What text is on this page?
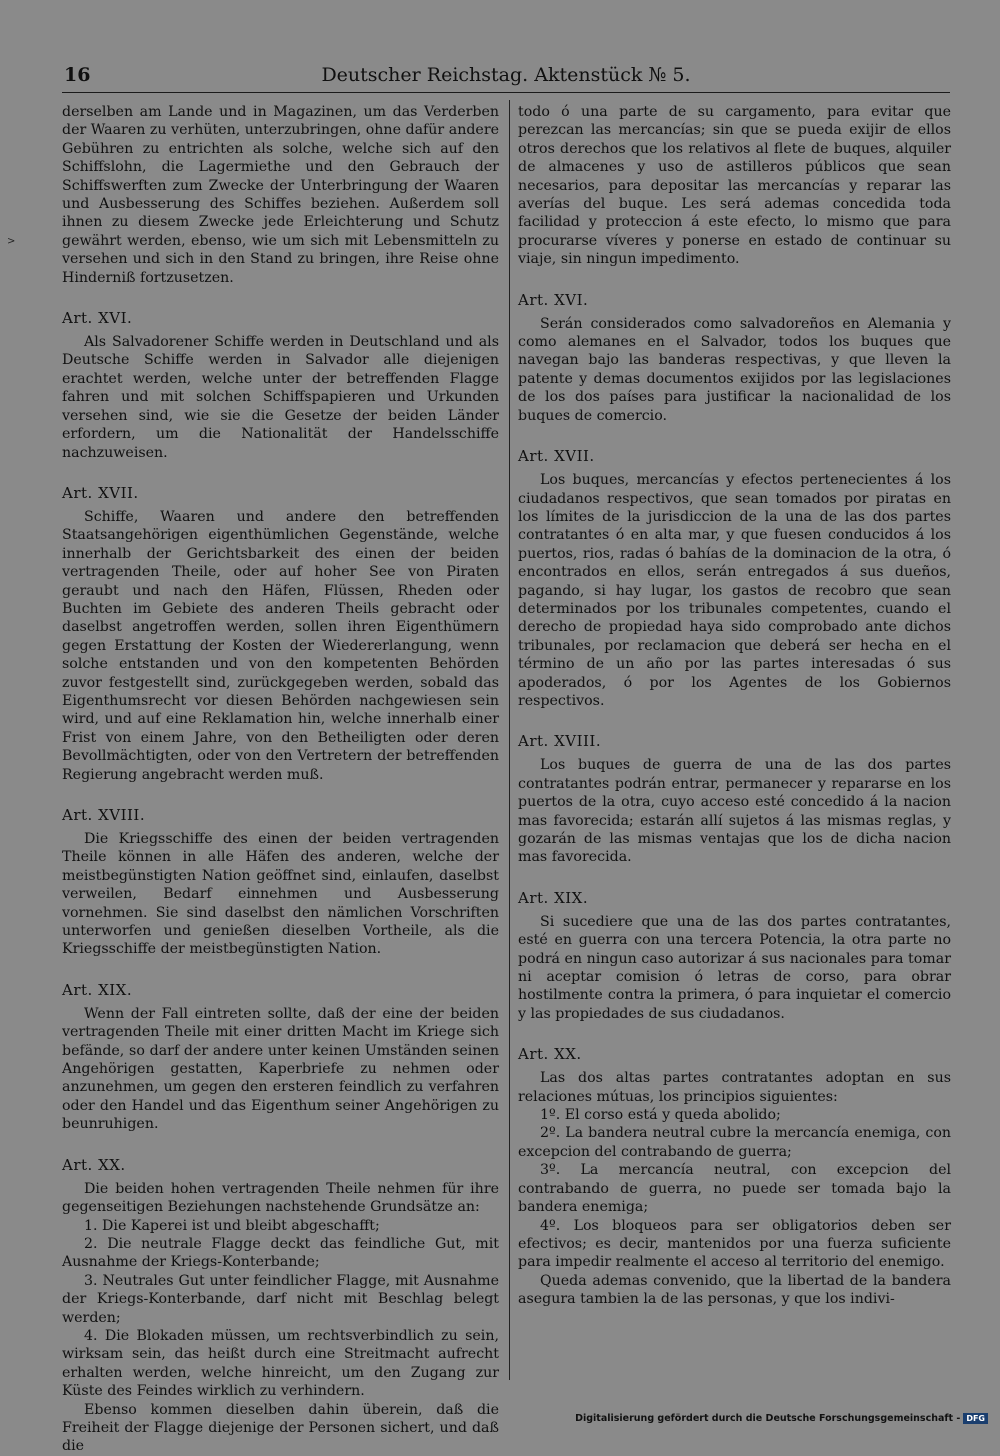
>
16	Deutscher Reichstag. Aktenstück № 5.

derselben am Lande und in Magazinen, um das Verderben der Waaren zu verhüten, unterzubringen, ohne dafür andere Gebühren zu entrichten als solche, welche sich auf den Schiffslohn, die Lagermiethe und den Gebrauch der Schiffswerften zum Zwecke der Unterbringung der Waaren und Ausbesserung des Schiffes beziehen. Außerdem soll ihnen zu diesem Zwecke jede Erleichterung und Schutz gewährt werden, ebenso, wie um sich mit Lebensmitteln zu versehen und sich in den Stand zu bringen, ihre Reise ohne Hinderniß fortzusetzen.

Art. XVI.

Als Salvadorener Schiffe werden in Deutschland und als Deutsche Schiffe werden in Salvador alle diejenigen erachtet werden, welche unter der betreffenden Flagge fahren und mit solchen Schiffspapieren und Urkunden versehen sind, wie sie die Gesetze der beiden Länder erfordern, um die Nationalität der Handelsschiffe nachzuweisen.

Art. XVII.

Schiffe, Waaren und andere den betreffenden Staatsangehörigen eigenthümlichen Gegenstände, welche innerhalb der Gerichtsbarkeit des einen der beiden vertragenden Theile, oder auf hoher See von Piraten geraubt und nach den Häfen, Flüssen, Rheden oder Buchten im Gebiete des anderen Theils gebracht oder daselbst angetroffen werden, sollen ihren Eigenthümern gegen Erstattung der Kosten der Wiedererlangung, wenn solche entstanden und von den kompetenten Behörden zuvor festgestellt sind, zurückgegeben werden, sobald das Eigenthumsrecht vor diesen Behörden nachgewiesen sein wird, und auf eine Reklamation hin, welche innerhalb einer Frist von einem Jahre, von den Betheiligten oder deren Bevollmächtigten, oder von den Vertretern der betreffenden Regierung angebracht werden muß.

Art. XVIII.

Die Kriegsschiffe des einen der beiden vertragenden Theile können in alle Häfen des anderen, welche der meistbegünstigten Nation geöffnet sind, einlaufen, daselbst verweilen, Bedarf einnehmen und Ausbesserung vornehmen. Sie sind daselbst den nämlichen Vorschriften unterworfen und genießen dieselben Vortheile, als die Kriegsschiffe der meistbegünstigten Nation.

Art. XIX.

Wenn der Fall eintreten sollte, daß der eine der beiden vertragenden Theile mit einer dritten Macht im Kriege sich befände, so darf der andere unter keinen Umständen seinen Angehörigen gestatten, Kaperbriefe zu nehmen oder anzunehmen, um gegen den ersteren feindlich zu verfahren oder den Handel und das Eigenthum seiner Angehörigen zu beunruhigen.

Art. XX.

Die beiden hohen vertragenden Theile nehmen für ihre gegenseitigen Beziehungen nachstehende Grundsätze an:

1. Die Kaperei ist und bleibt abgeschafft;

2. Die neutrale Flagge deckt das feindliche Gut, mit Ausnahme der Kriegs-Konterbande;

3. Neutrales Gut unter feindlicher Flagge, mit Ausnahme der Kriegs-Konterbande, darf nicht mit Beschlag belegt werden;

4. Die Blokaden müssen, um rechtsverbindlich zu sein, wirksam sein, das heißt durch eine Streitmacht aufrecht erhalten werden, welche hinreicht, um den Zugang zur Küste des Feindes wirklich zu verhindern.

Ebenso kommen dieselben dahin überein, daß die Freiheit der Flagge diejenige der Personen sichert, und daß die

todo ó una parte de su cargamento, para evitar que perezcan las mercancías; sin que se pueda exijir de ellos otros derechos que los relativos al flete de buques, alquiler de almacenes y uso de astilleros públicos que sean necesarios, para depositar las mercancías y reparar las averías del buque. Les será ademas concedida toda facilidad y proteccion á este efecto, lo mismo que para procurarse víveres y ponerse en estado de continuar su viaje, sin ningun impedimento.

Art. XVI.

Serán considerados como salvadoreños en Alemania y como alemanes en el Salvador, todos los buques que navegan bajo las banderas respectivas, y que lleven la patente y demas documentos exijidos por las legislaciones de los dos países para justificar la nacionalidad de los buques de comercio.

Art. XVII.

Los buques, mercancías y efectos pertenecientes á los ciudadanos respectivos, que sean tomados por piratas en los límites de la jurisdiccion de la una de las dos partes contratantes ó en alta mar, y que fuesen conducidos á los puertos, rios, radas ó bahías de la dominacion de la otra, ó encontrados en ellos, serán entregados á sus dueños, pagando, si hay lugar, los gastos de recobro que sean determinados por los tribunales competentes, cuando el derecho de propiedad haya sido comprobado ante dichos tribunales, por reclamacion que deberá ser hecha en el término de un año por las partes interesadas ó sus apoderados, ó por los Agentes de los Gobiernos respectivos.

Art. XVIII.

Los buques de guerra de una de las dos partes contratantes podrán entrar, permanecer y repararse en los puertos de la otra, cuyo acceso esté concedido á la nacion mas favorecida; estarán allí sujetos á las mismas reglas, y gozarán de las mismas ventajas que los de dicha nacion mas favorecida.

Art. XIX.

Si sucediere que una de las dos partes contratantes, esté en guerra con una tercera Potencia, la otra parte no podrá en ningun caso autorizar á sus nacionales para tomar ni aceptar comision ó letras de corso, para obrar hostilmente contra la primera, ó para inquietar el comercio y las propiedades de sus ciudadanos.

Art. XX.

Las dos altas partes contratantes adoptan en sus relaciones mútuas, los principios siguientes:

1º. El corso está y queda abolido;

2º. La bandera neutral cubre la mercancía enemiga, con excepcion del contrabando de guerra;

3º. La mercancía neutral, con excepcion del contrabando de guerra, no puede ser tomada bajo la bandera enemiga;

4º. Los bloqueos para ser obligatorios deben ser efectivos; es decir, mantenidos por una fuerza suficiente para impedir realmente el acceso al territorio del enemigo.

Queda ademas convenido, que la libertad de la bandera asegura tambien la de las personas, y que los indivi-

Digitalisierung gefördert durch die Deutsche Forschungsgemeinschaft - DFG
